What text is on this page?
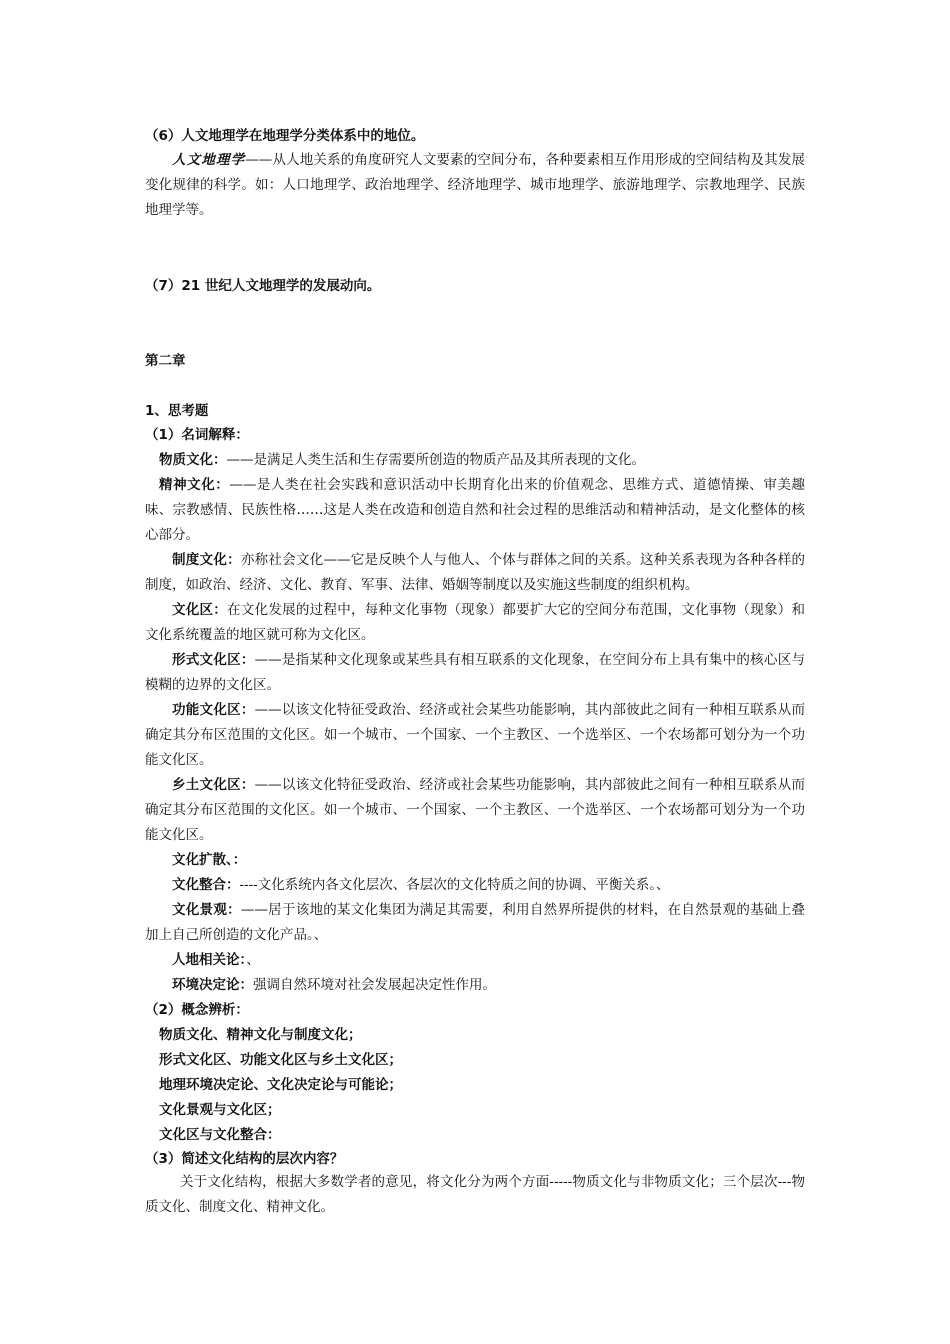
（6）人文地理学在地理学分类体系中的地位。
人文地理学——从人地关系的角度研究人文要素的空间分布，各种要素相互作用形成的空间结构及其发展变化规律的科学。如：人口地理学、政治地理学、经济地理学、城市地理学、旅游地理学、宗教地理学、民族地理学等。
（7）21 世纪人文地理学的发展动向。
第二章
1、思考题
（1）名词解释：
物质文化：——是满足人类生活和生存需要所创造的物质产品及其所表现的文化。
精神文化：——是人类在社会实践和意识活动中长期育化出来的价值观念、思维方式、道德情操、审美趣味、宗教感情、民族性格……这是人类在改造和创造自然和社会过程的思维活动和精神活动，是文化整体的核心部分。
制度文化：亦称社会文化——它是反映个人与他人、个体与群体之间的关系。这种关系表现为各种各样的制度，如政治、经济、文化、教育、军事、法律、婚姻等制度以及实施这些制度的组织机构。
文化区：在文化发展的过程中，每种文化事物（现象）都要扩大它的空间分布范围，文化事物（现象）和文化系统覆盖的地区就可称为文化区。
形式文化区：——是指某种文化现象或某些具有相互联系的文化现象，在空间分布上具有集中的核心区与模糊的边界的文化区。
功能文化区：——以该文化特征受政治、经济或社会某些功能影响，其内部彼此之间有一种相互联系从而确定其分布区范围的文化区。如一个城市、一个国家、一个主教区、一个选举区、一个农场都可划分为一个功能文化区。
乡土文化区：——以该文化特征受政治、经济或社会某些功能影响，其内部彼此之间有一种相互联系从而确定其分布区范围的文化区。如一个城市、一个国家、一个主教区、一个选举区、一个农场都可划分为一个功能文化区。
文化扩散、：
文化整合：----文化系统内各文化层次、各层次的文化特质之间的协调、平衡关系。、
文化景观：——居于该地的某文化集团为满足其需要，利用自然界所提供的材料，在自然景观的基础上叠加上自己所创造的文化产品。、
人地相关论：、
环境决定论：强调自然环境对社会发展起决定性作用。
（2）概念辨析：
物质文化、精神文化与制度文化；
形式文化区、功能文化区与乡土文化区；
地理环境决定论、文化决定论与可能论；
文化景观与文化区；
文化区与文化整合：
（3）简述文化结构的层次内容？
关于文化结构，根据大多数学者的意见，将文化分为两个方面-----物质文化与非物质文化；三个层次---物质文化、制度文化、精神文化。
